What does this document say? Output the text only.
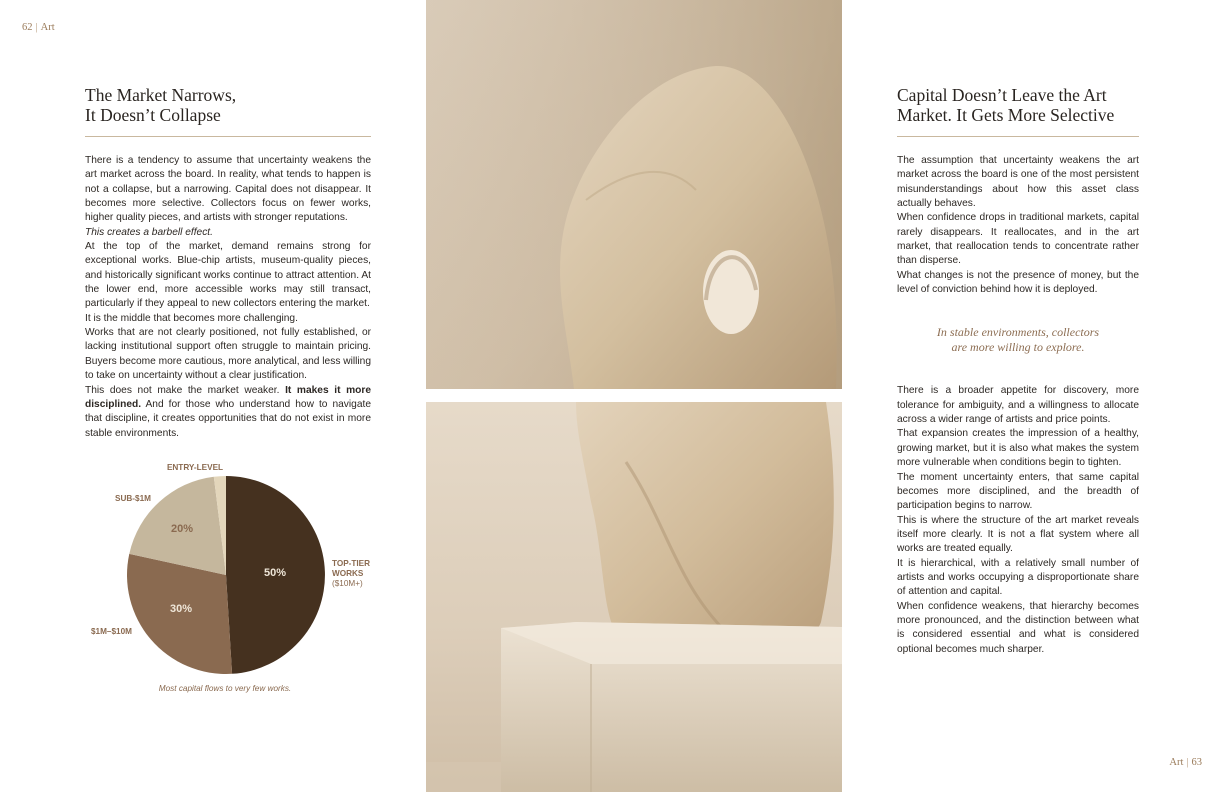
62 | Art
Art | 63
The Market Narrows,
It Doesn’t Collapse

There is a tendency to assume that uncertainty weakens the art market across the board. In reality, what tends to happen is not a collapse, but a narrowing. Capital does not disappear. It becomes more selective. Collectors focus on fewer works, higher quality pieces, and artists with stronger reputations.

This creates a barbell effect.

At the top of the market, demand remains strong for exceptional works. Blue-chip artists, museum-quality pieces, and historically significant works continue to attract attention. At the lower end, more accessible works may still transact, particularly if they appeal to new collectors entering the market.

It is the middle that becomes more challenging.

Works that are not clearly positioned, not fully established, or lacking institutional support often struggle to maintain pricing. Buyers become more cautious, more analytical, and less willing to take on uncertainty without a clear justification.

This does not make the market weaker. It makes it more disciplined. And for those who understand how to navigate that discipline, it creates opportunities that do not exist in more stable environments.

ENTRY-LEVEL
SUB-$1M
$1M–$10M
TOP-TIER
WORKS
($10M+)
50%
30%
20%
Most capital flows to very few works.
Capital Doesn’t Leave the Art
Market. It Gets More Selective

The assumption that uncertainty weakens the art market across the board is one of the most persistent misunderstandings about how this asset class actually behaves.

When confidence drops in traditional markets, capital rarely disappears. It reallocates, and in the art market, that reallocation tends to concentrate rather than disperse.

What changes is not the presence of money, but the level of conviction behind how it is deployed.

In stable environments, collectors
are more willing to explore.

There is a broader appetite for discovery, more tolerance for ambiguity, and a willingness to allocate across a wider range of artists and price points.

That expansion creates the impression of a healthy, growing market, but it is also what makes the system more vulnerable when conditions begin to tighten.

The moment uncertainty enters, that same capital becomes more disciplined, and the breadth of participation begins to narrow.

This is where the structure of the art market reveals itself more clearly. It is not a flat system where all works are treated equally.

It is hierarchical, with a relatively small number of artists and works occupying a disproportionate share of attention and capital.

When confidence weakens, that hierarchy becomes more pronounced, and the distinction between what is considered essential and what is considered optional becomes much sharper.
